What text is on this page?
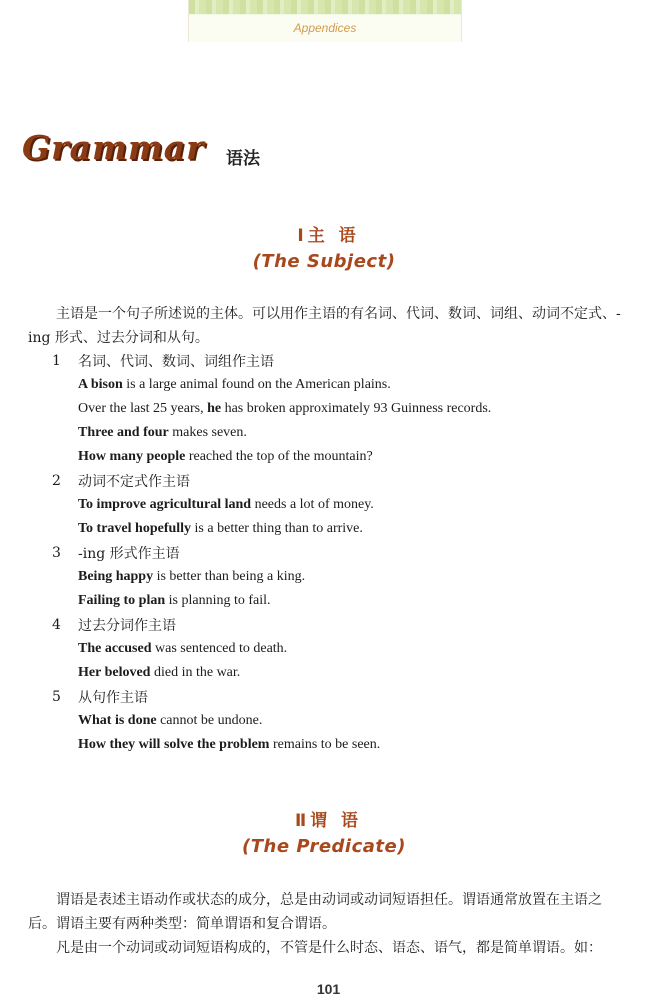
Appendices
Grammar 语法
Ⅰ主 语
(The Subject)
主语是一个句子所述说的主体。可以用作主语的有名词、代词、数词、词组、动词不定式、-ing 形式、过去分词和从句。
1	名词、代词、数词、词组作主语
A bison is a large animal found on the American plains.
Over the last 25 years, he has broken approximately 93 Guinness records.
Three and four makes seven.
How many people reached the top of the mountain?
2	动词不定式作主语
To improve agricultural land needs a lot of money.
To travel hopefully is a better thing than to arrive.
3	-ing 形式作主语
Being happy is better than being a king.
Failing to plan is planning to fail.
4	过去分词作主语
The accused was sentenced to death.
Her beloved died in the war.
5	从句作主语
What is done cannot be undone.
How they will solve the problem remains to be seen.
Ⅱ谓 语
(The Predicate)
谓语是表述主语动作或状态的成分，总是由动词或动词短语担任。谓语通常放置在主语之后。谓语主要有两种类型：简单谓语和复合谓语。
凡是由一个动词或动词短语构成的，不管是什么时态、语态、语气，都是简单谓语。如：
101
